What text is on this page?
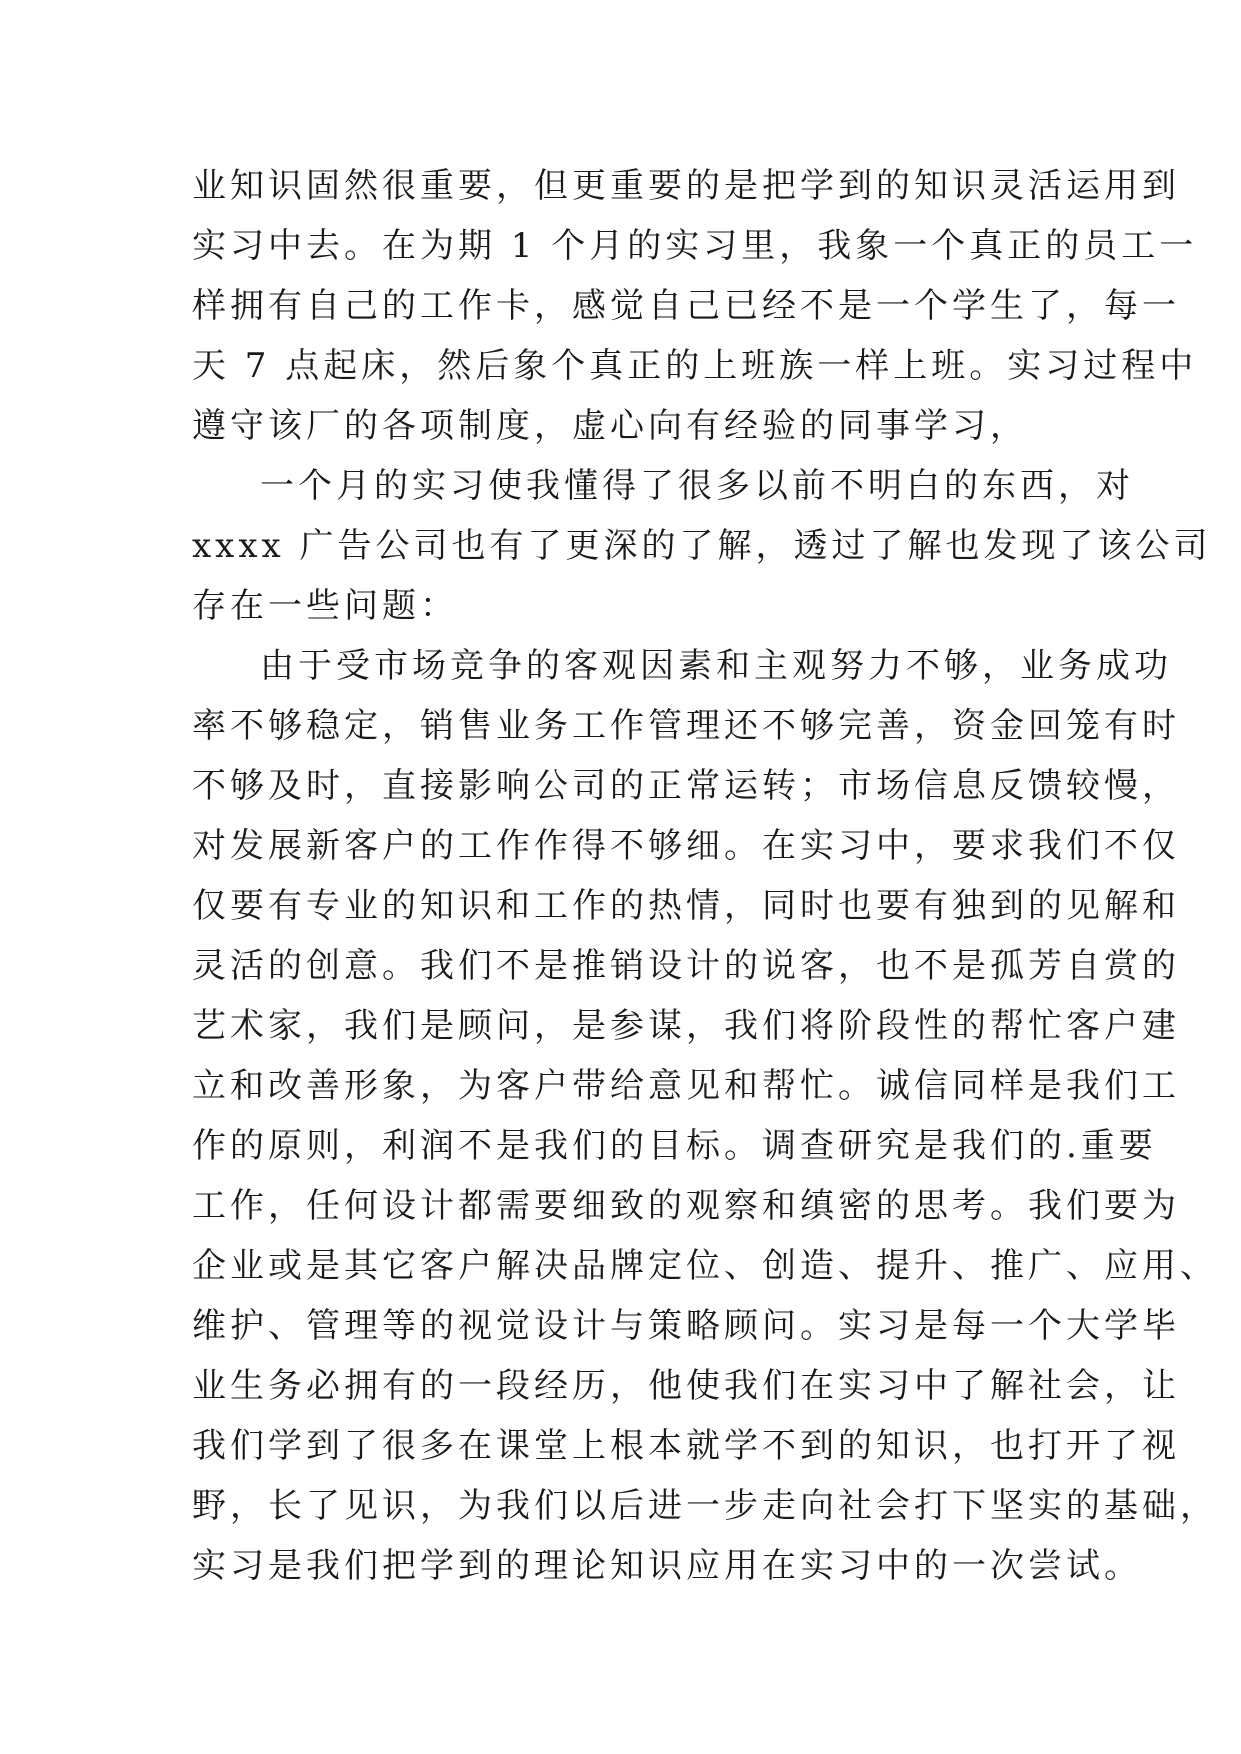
业知识固然很重要，但更重要的是把学到的知识灵活运用到
实习中去。在为期 1 个月的实习里，我象一个真正的员工一
样拥有自己的工作卡，感觉自己已经不是一个学生了，每一
天 7 点起床，然后象个真正的上班族一样上班。实习过程中
遵守该厂的各项制度，虚心向有经验的同事学习，
一个月的实习使我懂得了很多以前不明白的东西，对
xxxx 广告公司也有了更深的了解，透过了解也发现了该公司
存在一些问题：
由于受市场竞争的客观因素和主观努力不够，业务成功
率不够稳定，销售业务工作管理还不够完善，资金回笼有时
不够及时，直接影响公司的正常运转；市场信息反馈较慢，
对发展新客户的工作作得不够细。在实习中，要求我们不仅
仅要有专业的知识和工作的热情，同时也要有独到的见解和
灵活的创意。我们不是推销设计的说客，也不是孤芳自赏的
艺术家，我们是顾问，是参谋，我们将阶段性的帮忙客户建
立和改善形象，为客户带给意见和帮忙。诚信同样是我们工
作的原则，利润不是我们的目标。调查研究是我们的.重要
工作，任何设计都需要细致的观察和缜密的思考。我们要为
企业或是其它客户解决品牌定位、创造、提升、推广、应用、
维护、管理等的视觉设计与策略顾问。实习是每一个大学毕
业生务必拥有的一段经历，他使我们在实习中了解社会，让
我们学到了很多在课堂上根本就学不到的知识，也打开了视
野，长了见识，为我们以后进一步走向社会打下坚实的基础，
实习是我们把学到的理论知识应用在实习中的一次尝试。
